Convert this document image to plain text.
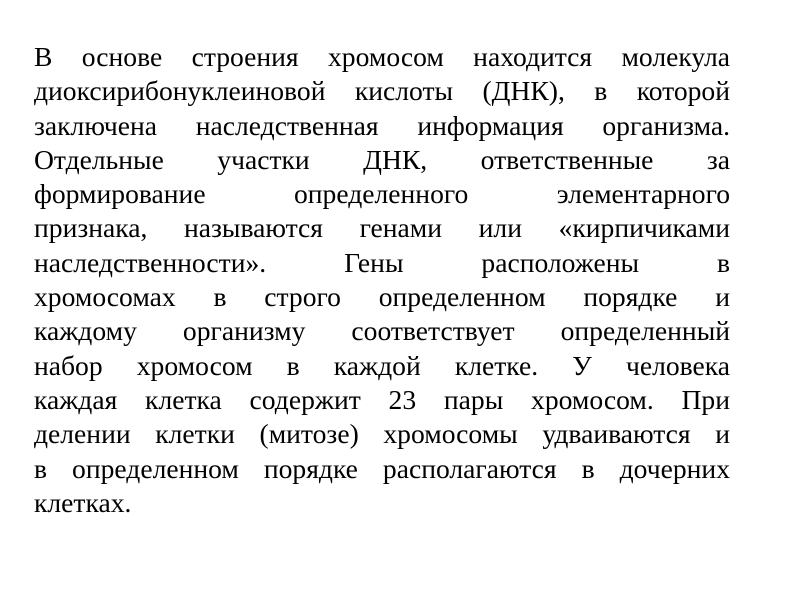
В основе строения хромосом находится молекула
диоксирибонуклеиновой кислоты (ДНК), в которой
заключена наследственная информация организма.
Отдельные участки ДНК, ответственные за
формирование определенного элементарного
признака, называются генами или «кирпичиками
наследственности». Гены расположены в
хромосомах в строго определенном порядке и
каждому организму соответствует определенный
набор хромосом в каждой клетке. У человека
каждая клетка содержит 23 пары хромосом. При
делении клетки (митозе) хромосомы удваиваются и
в определенном порядке располагаются в дочерних
клетках.
